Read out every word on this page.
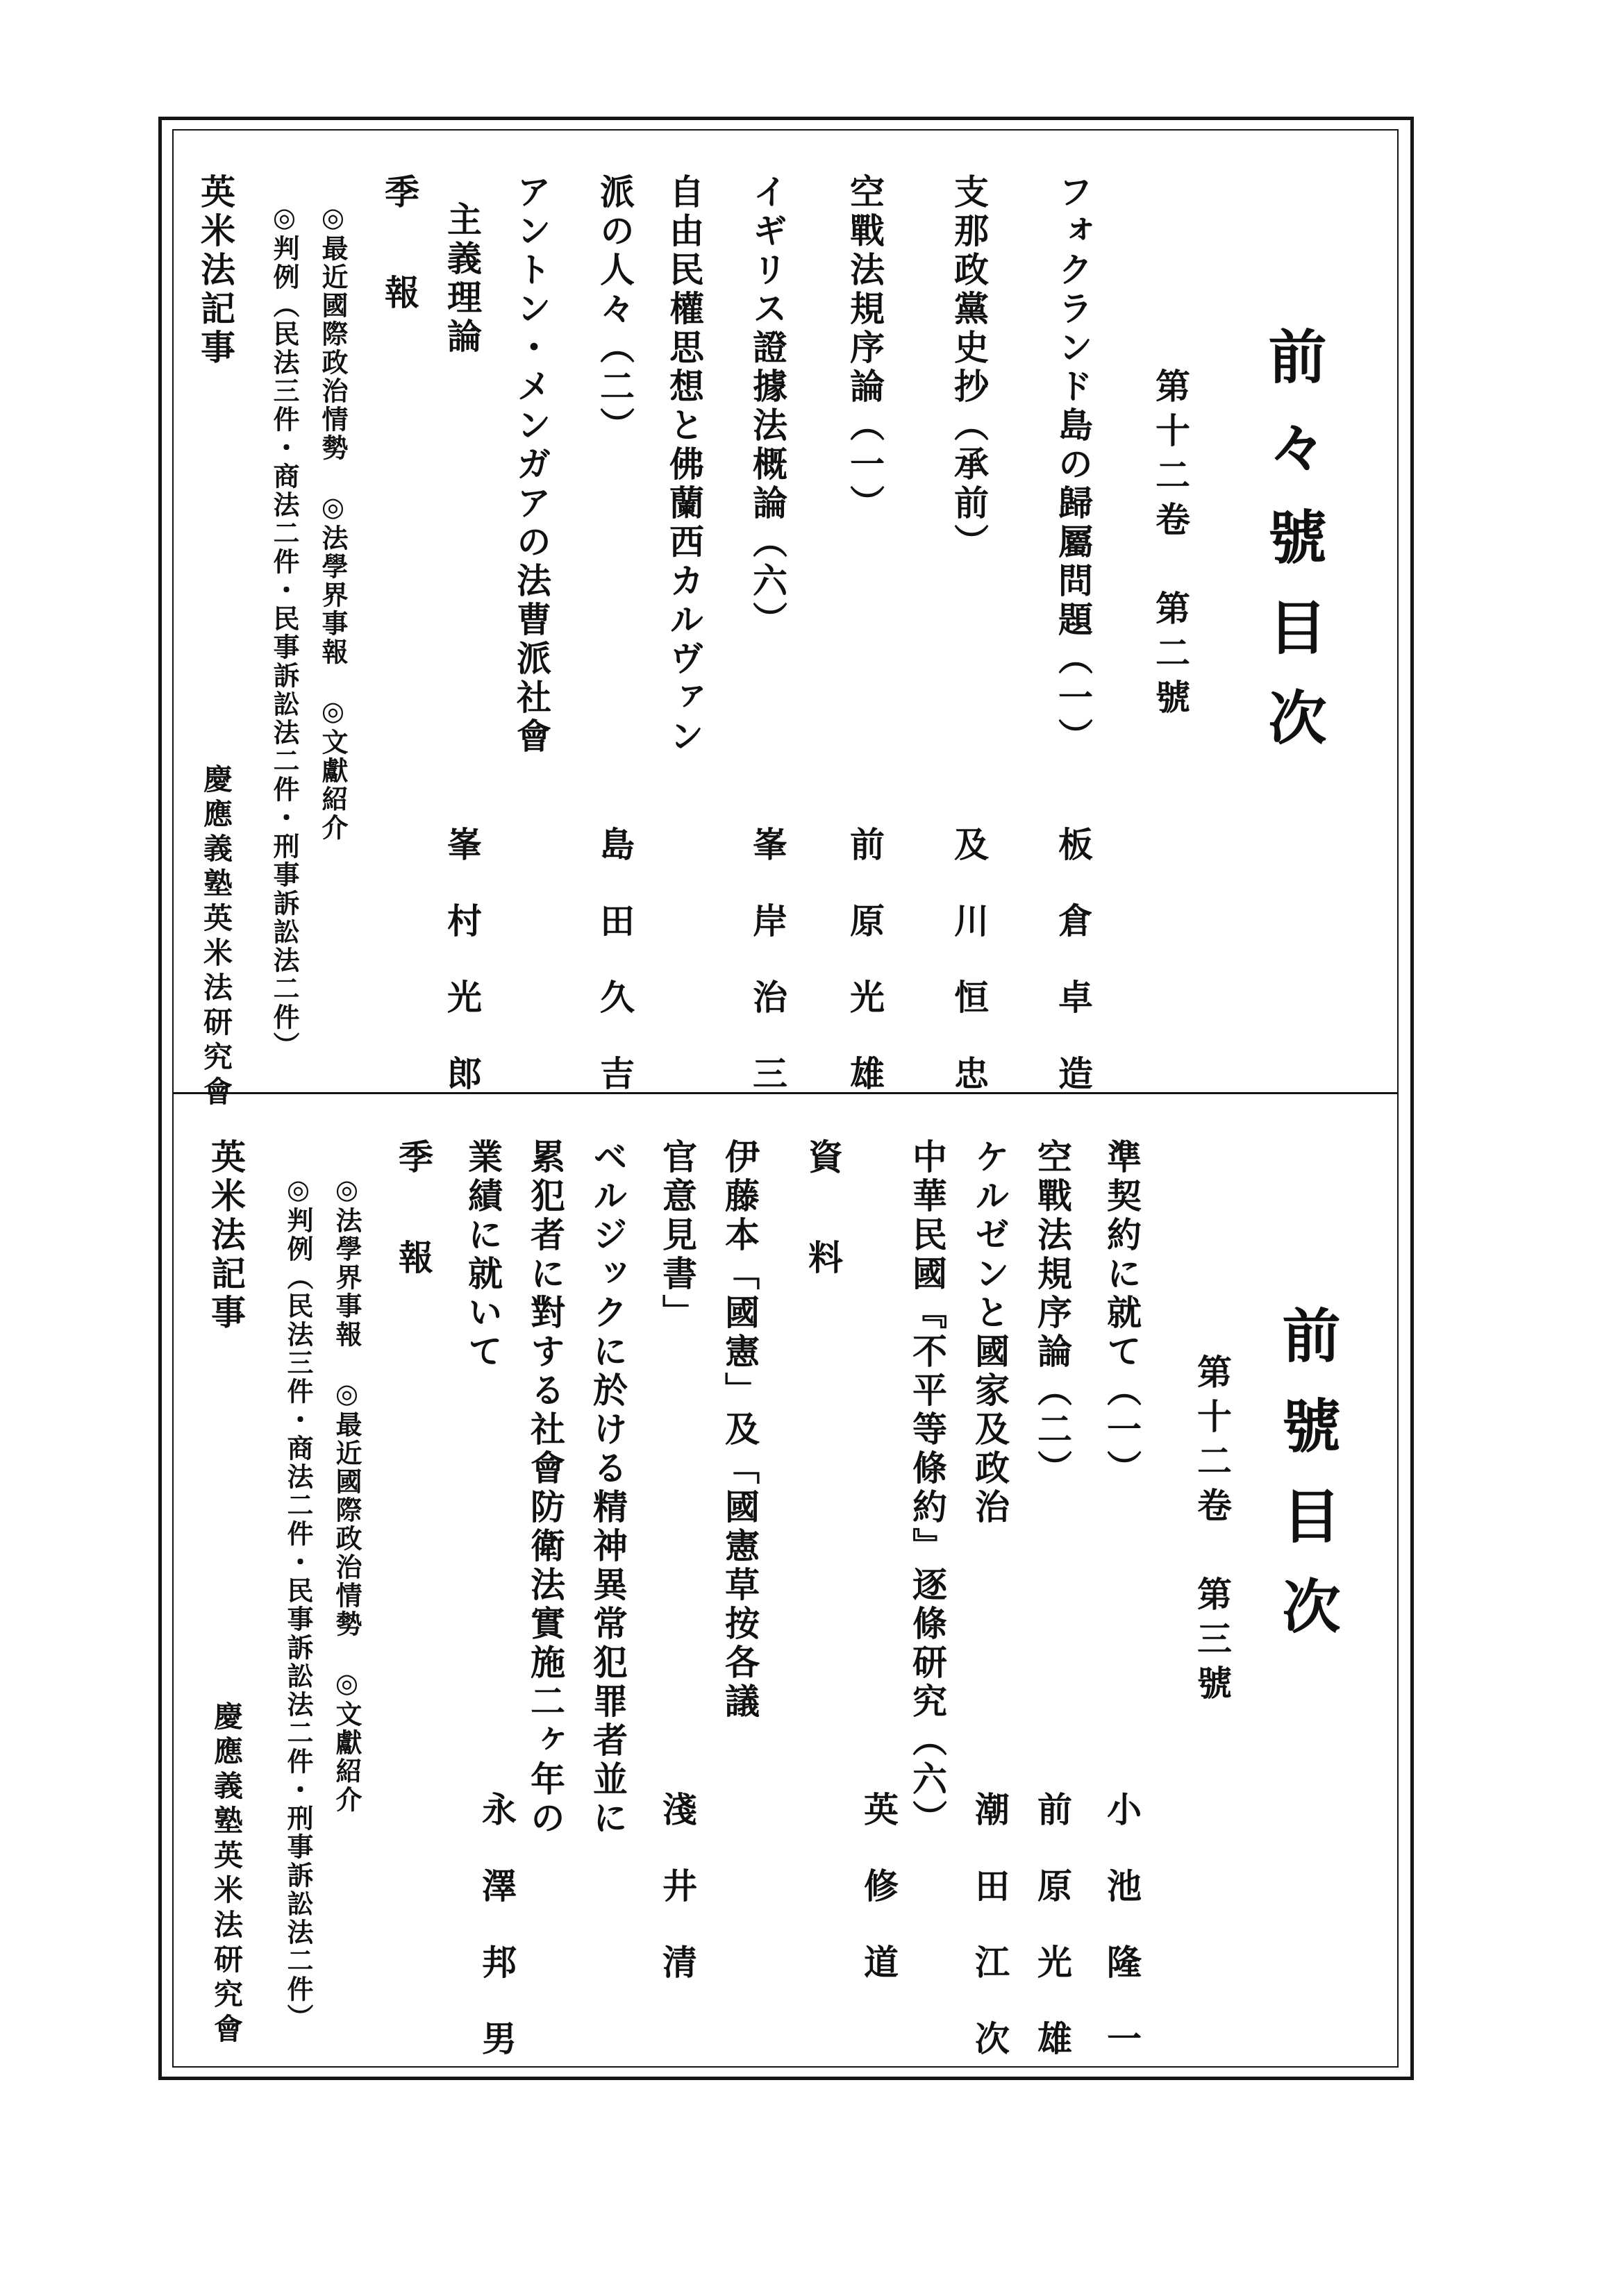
前々號目次
第十二卷　第二號
フォクランド島の歸屬問題（一）
板倉卓造
支那政黨史抄（承前）
及川恒忠
空戰法規序論（一）
前原光雄
イギリス證據法概論（六）
峯岸治三
自由民權思想と佛蘭西カルヴァン
派の人々（二）
島田久吉
アントン・メンガアの法曹派社會
主義理論
峯村光郎
季報
◎最近國際政治情勢　◎法學界事報　◎文獻紹介
◎判例（民法三件・商法二件・民事訴訟法二件・刑事訴訟法二件）
英米法記事
慶應義塾英米法研究會
前號目次
第十二卷　第三號
準契約に就て（一）
小池隆一
空戰法規序論（二）
前原光雄
ケルゼンと國家及政治
潮田江次
中華民國『不平等條約』逐條研究（六）
資料
英修道
伊藤本「國憲」及「國憲草按各議
官意見書」
淺井清
ベルジックに於ける精神異常犯罪者並に
累犯者に對する社會防衛法實施二ヶ年の
業績に就いて
永澤邦男
季報
◎法學界事報　◎最近國際政治情勢　◎文獻紹介
◎判例（民法三件・商法二件・民事訴訟法二件・刑事訴訟法二件）
英米法記事
慶應義塾英米法研究會
